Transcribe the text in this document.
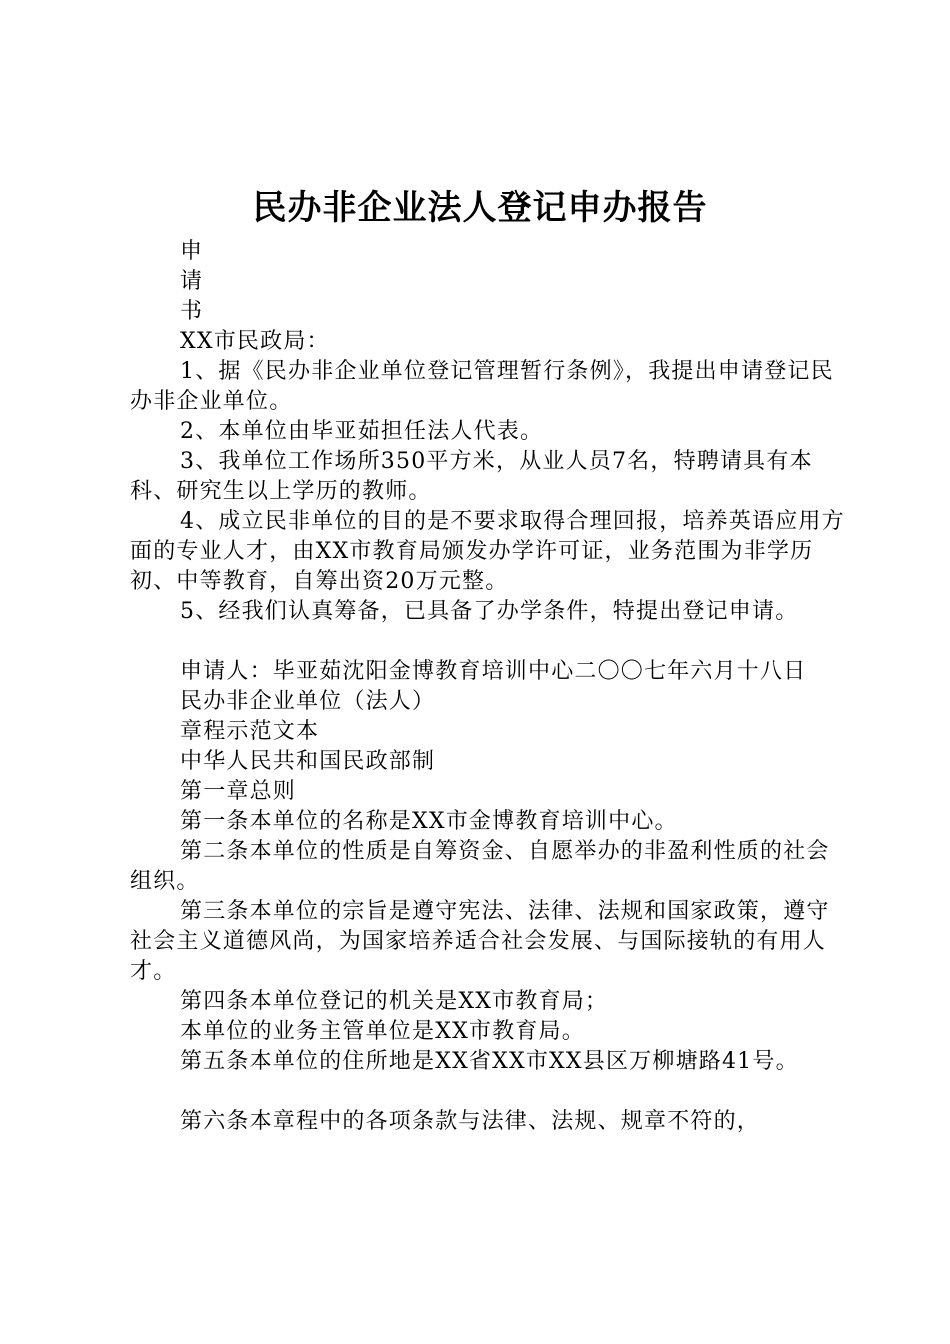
民办非企业法人登记申办报告

申

请

书

XX市民政局：

1、据《民办非企业单位登记管理暂行条例》，我提出申请登记民办非企业单位。

2、本单位由毕亚茹担任法人代表。

3、我单位工作场所350平方米，从业人员7名，特聘请具有本科、研究生以上学历的教师。

4、成立民非单位的目的是不要求取得合理回报，培养英语应用方面的专业人才，由XX市教育局颁发办学许可证，业务范围为非学历初、中等教育，自筹出资20万元整。

5、经我们认真筹备，已具备了办学条件，特提出登记申请。

申请人：毕亚茹沈阳金博教育培训中心二〇〇七年六月十八日

民办非企业单位（法人）

章程示范文本

中华人民共和国民政部制

第一章总则

第一条本单位的名称是XX市金博教育培训中心。

第二条本单位的性质是自筹资金、自愿举办的非盈利性质的社会组织。

第三条本单位的宗旨是遵守宪法、法律、法规和国家政策，遵守社会主义道德风尚，为国家培养适合社会发展、与国际接轨的有用人才。

第四条本单位登记的机关是XX市教育局；

本单位的业务主管单位是XX市教育局。

第五条本单位的住所地是XX省XX市XX县区万柳塘路41号。

第六条本章程中的各项条款与法律、法规、规章不符的，
